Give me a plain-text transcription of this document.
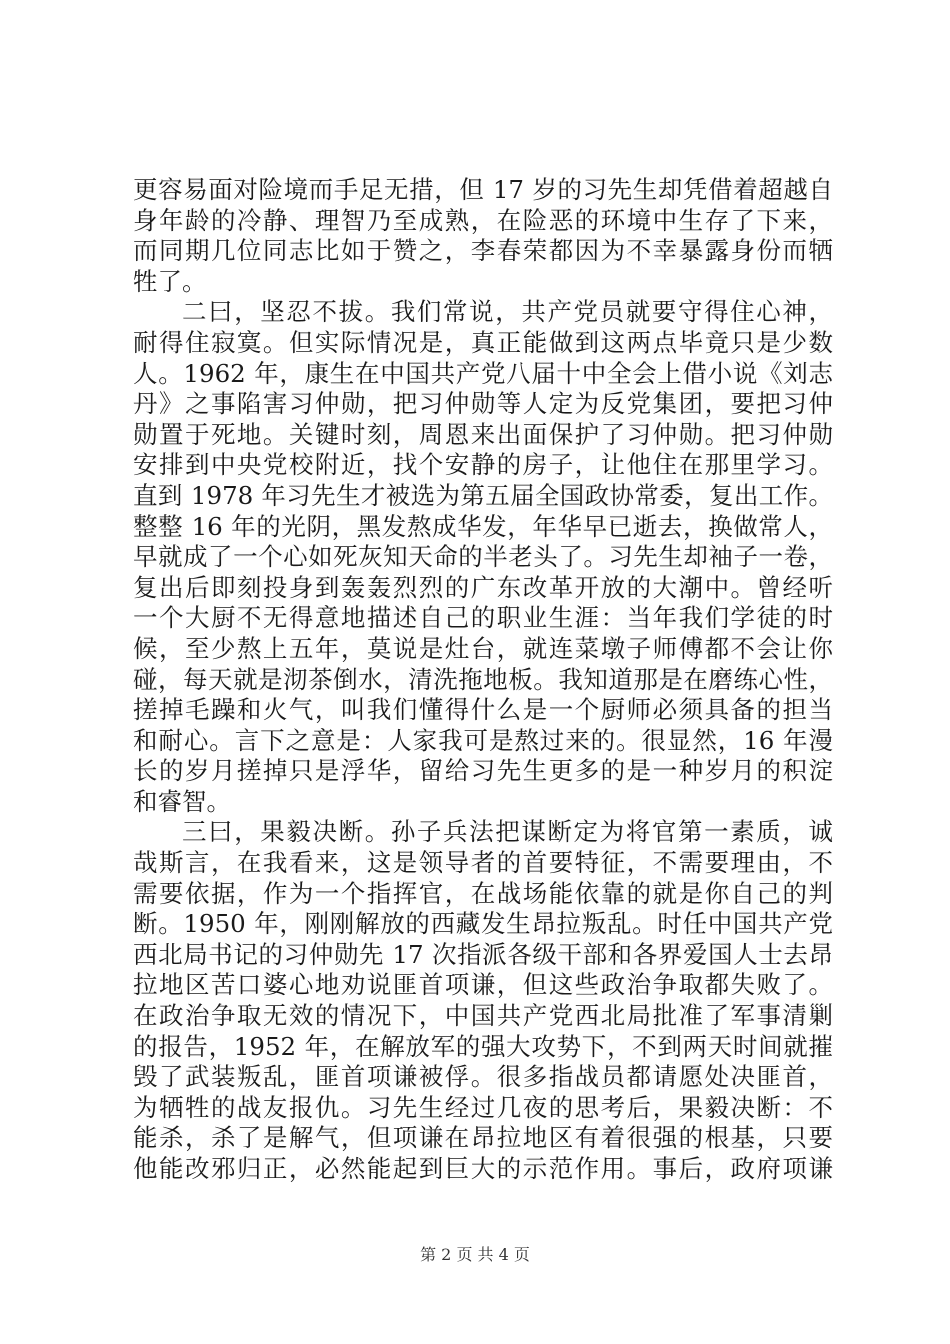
更容易面对险境而手足无措，但 17 岁的习先生却凭借着超越自
身年龄的冷静、理智乃至成熟，在险恶的环境中生存了下来，
而同期几位同志比如于赞之，李春荣都因为不幸暴露身份而牺
牲了。
二曰，坚忍不拔。我们常说，共产党员就要守得住心神，
耐得住寂寞。但实际情况是，真正能做到这两点毕竟只是少数
人。1962 年，康生在中国共产党八届十中全会上借小说《刘志
丹》之事陷害习仲勋，把习仲勋等人定为反党集团，要把习仲
勋置于死地。关键时刻，周恩来出面保护了习仲勋。把习仲勋
安排到中央党校附近，找个安静的房子，让他住在那里学习。
直到 1978 年习先生才被选为第五届全国政协常委，复出工作。
整整 16 年的光阴，黑发熬成华发，年华早已逝去，换做常人，
早就成了一个心如死灰知天命的半老头了。习先生却袖子一卷，
复出后即刻投身到轰轰烈烈的广东改革开放的大潮中。曾经听
一个大厨不无得意地描述自己的职业生涯：当年我们学徒的时
候，至少熬上五年，莫说是灶台，就连菜墩子师傅都不会让你
碰，每天就是沏茶倒水，清洗拖地板。我知道那是在磨练心性，
搓掉毛躁和火气，叫我们懂得什么是一个厨师必须具备的担当
和耐心。言下之意是：人家我可是熬过来的。很显然，16 年漫
长的岁月搓掉只是浮华，留给习先生更多的是一种岁月的积淀
和睿智。
三曰，果毅决断。孙子兵法把谋断定为将官第一素质，诚
哉斯言，在我看来，这是领导者的首要特征，不需要理由，不
需要依据，作为一个指挥官，在战场能依靠的就是你自己的判
断。1950 年，刚刚解放的西藏发生昂拉叛乱。时任中国共产党
西北局书记的习仲勋先 17 次指派各级干部和各界爱国人士去昂
拉地区苦口婆心地劝说匪首项谦，但这些政治争取都失败了。
在政治争取无效的情况下，中国共产党西北局批准了军事清剿
的报告，1952 年，在解放军的强大攻势下，不到两天时间就摧
毁了武装叛乱，匪首项谦被俘。很多指战员都请愿处决匪首，
为牺牲的战友报仇。习先生经过几夜的思考后，果毅决断：不
能杀，杀了是解气，但项谦在昂拉地区有着很强的根基，只要
他能改邪归正，必然能起到巨大的示范作用。事后，政府项谦
第 2 页 共 4 页
